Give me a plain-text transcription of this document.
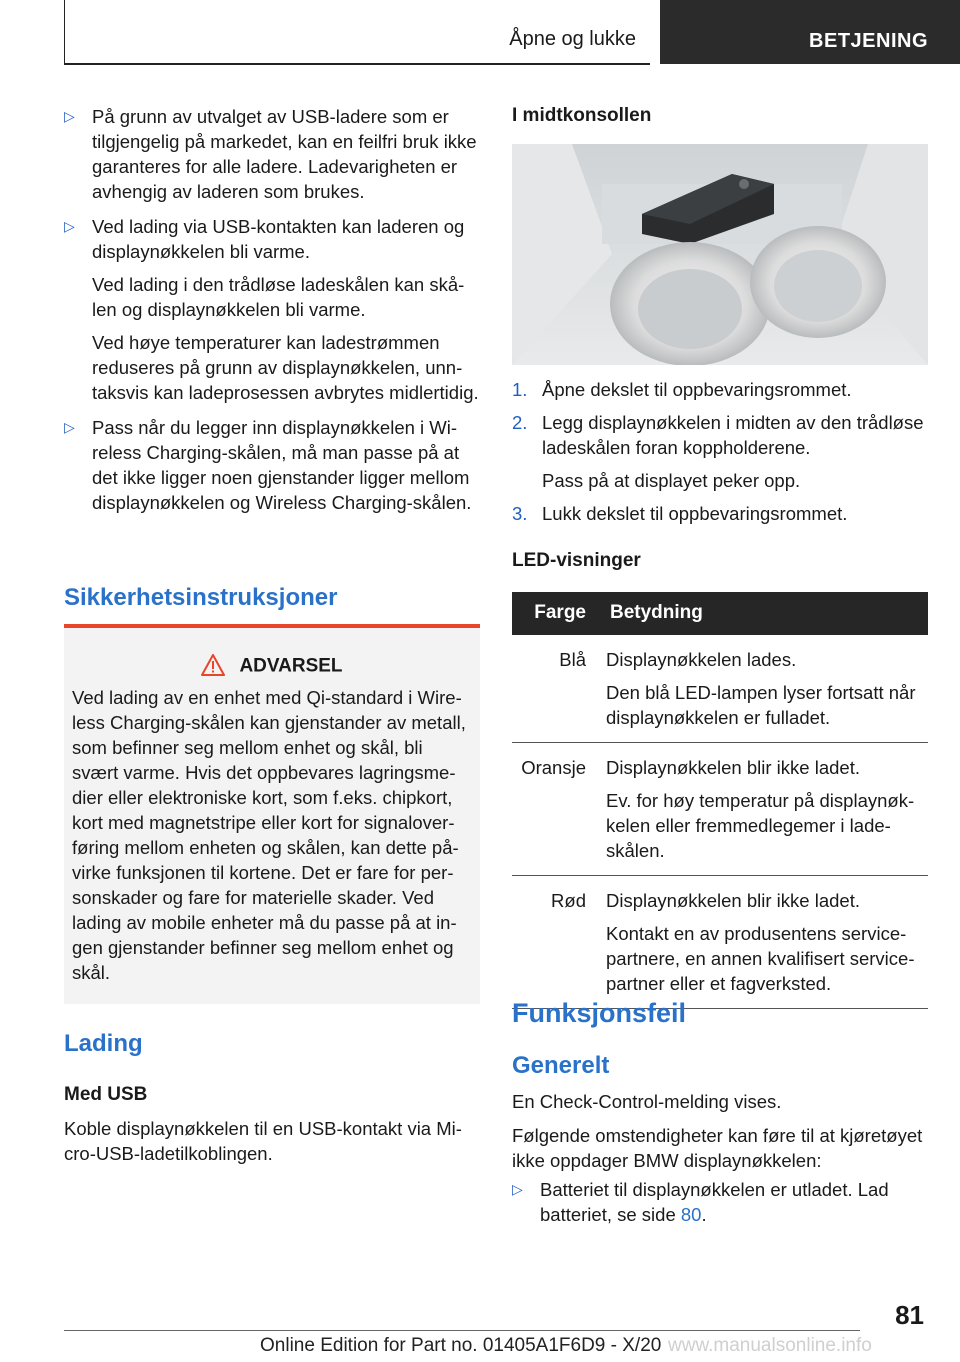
Åpne og lukke	BETJENING
▷ På grunn av utvalget av USB-ladere som er tilgjengelig på markedet, kan en feilfri bruk ikke garanteres for alle ladere. Ladevarigheten er avhengig av laderen som brukes.

▷ Ved lading via USB-kontakten kan laderen og displaynøkkelen bli varme.

Ved lading i den trådløse ladeskålen kan skålen og displaynøkkelen bli varme.

Ved høye temperaturer kan ladestrømmen reduseres på grunn av displaynøkkelen, unntaksvis kan ladeprosessen avbrytes midlertidig.

▷ Pass når du legger inn displaynøkkelen i Wireless Charging-skålen, må man passe på at det ikke ligger noen gjenstander ligger mellom displaynøkkelen og Wireless Charging-skålen.

Sikkerhetsinstruksjoner
ADVARSEL

Ved lading av en enhet med Qi-standard i Wireless Charging-skålen kan gjenstander av metall, som befinner seg mellom enhet og skål, bli svært varme. Hvis det oppbevares lagringsmedier eller elektroniske kort, som f.eks. chipkort, kort med magnetstripe eller kort for signaloverføring mellom enheten og skålen, kan dette påvirke funksjonen til kortene. Det er fare for personskader og fare for materielle skader. Ved lading av mobile enheter må du passe på at ingen gjenstander befinner seg mellom enhet og skål.

Lading
Med USB

Koble displaynøkkelen til en USB-kontakt via Micro-USB-ladetilkoblingen.

I midtkonsollen
1. Åpne dekslet til oppbevaringsrommet.

2. Legg displaynøkkelen i midten av den trådløse ladeskålen foran koppholderene.

Pass på at displayet peker opp.

3. Lukk dekslet til oppbevaringsrommet.

LED-visninger
Farge	Betydning
Blå	Displaynøkkelen lades.

Den blå LED-lampen lyser fortsatt når displaynøkkelen er fulladet.

Oransje	Displaynøkkelen blir ikke ladet.

Ev. for høy temperatur på displaynøkkelen eller fremmedlegemer i ladeskålen.

Rød	Displaynøkkelen blir ikke ladet.

Kontakt en av produsentens servicepartnere, en annen kvalifisert servicepartner eller et fagverksted.

Funksjonsfeil
Generelt

En Check-Control-melding vises.

Følgende omstendigheter kan føre til at kjøretøyet ikke oppdager BMW displaynøkkelen:

▷ Batteriet til displaynøkkelen er utladet. Lad batteriet, se side 80.

81
Online Edition for Part no. 01405A1F6D9 - X/20 www.manualsonline.info
